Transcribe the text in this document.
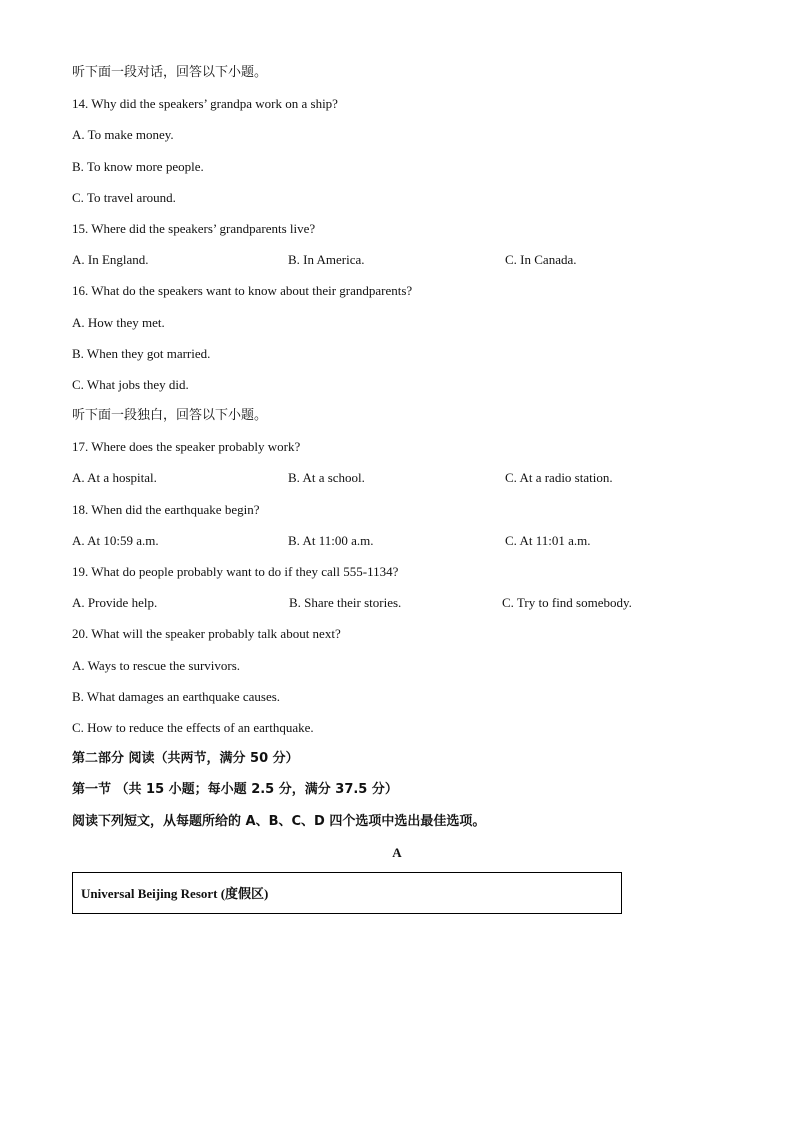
听下面一段对话，回答以下小题。
14. Why did the speakers’ grandpa work on a ship?
A. To make money.
B. To know more people.
C. To travel around.
15. Where did the speakers’ grandparents live?
A. In England.	B. In America.	C. In Canada.
16. What do the speakers want to know about their grandparents?
A. How they met.
B. When they got married.
C. What jobs they did.
听下面一段独白，回答以下小题。
17. Where does the speaker probably work?
A. At a hospital.	B. At a school.	C. At a radio station.
18. When did the earthquake begin?
A. At 10:59 a.m.	B. At 11:00 a.m.	C. At 11:01 a.m.
19. What do people probably want to do if they call 555-1134?
A. Provide help.	B. Share their stories.	C. Try to find somebody.
20. What will the speaker probably talk about next?
A. Ways to rescue the survivors.
B. What damages an earthquake causes.
C. How to reduce the effects of an earthquake.
第二部分 阅读（共两节，满分 50 分）
第一节 （共 15 小题；每小题 2.5 分，满分 37.5 分）
阅读下列短文，从每题所给的 A、B、C、D 四个选项中选出最佳选项。
A
Universal Beijing Resort (度假区)
